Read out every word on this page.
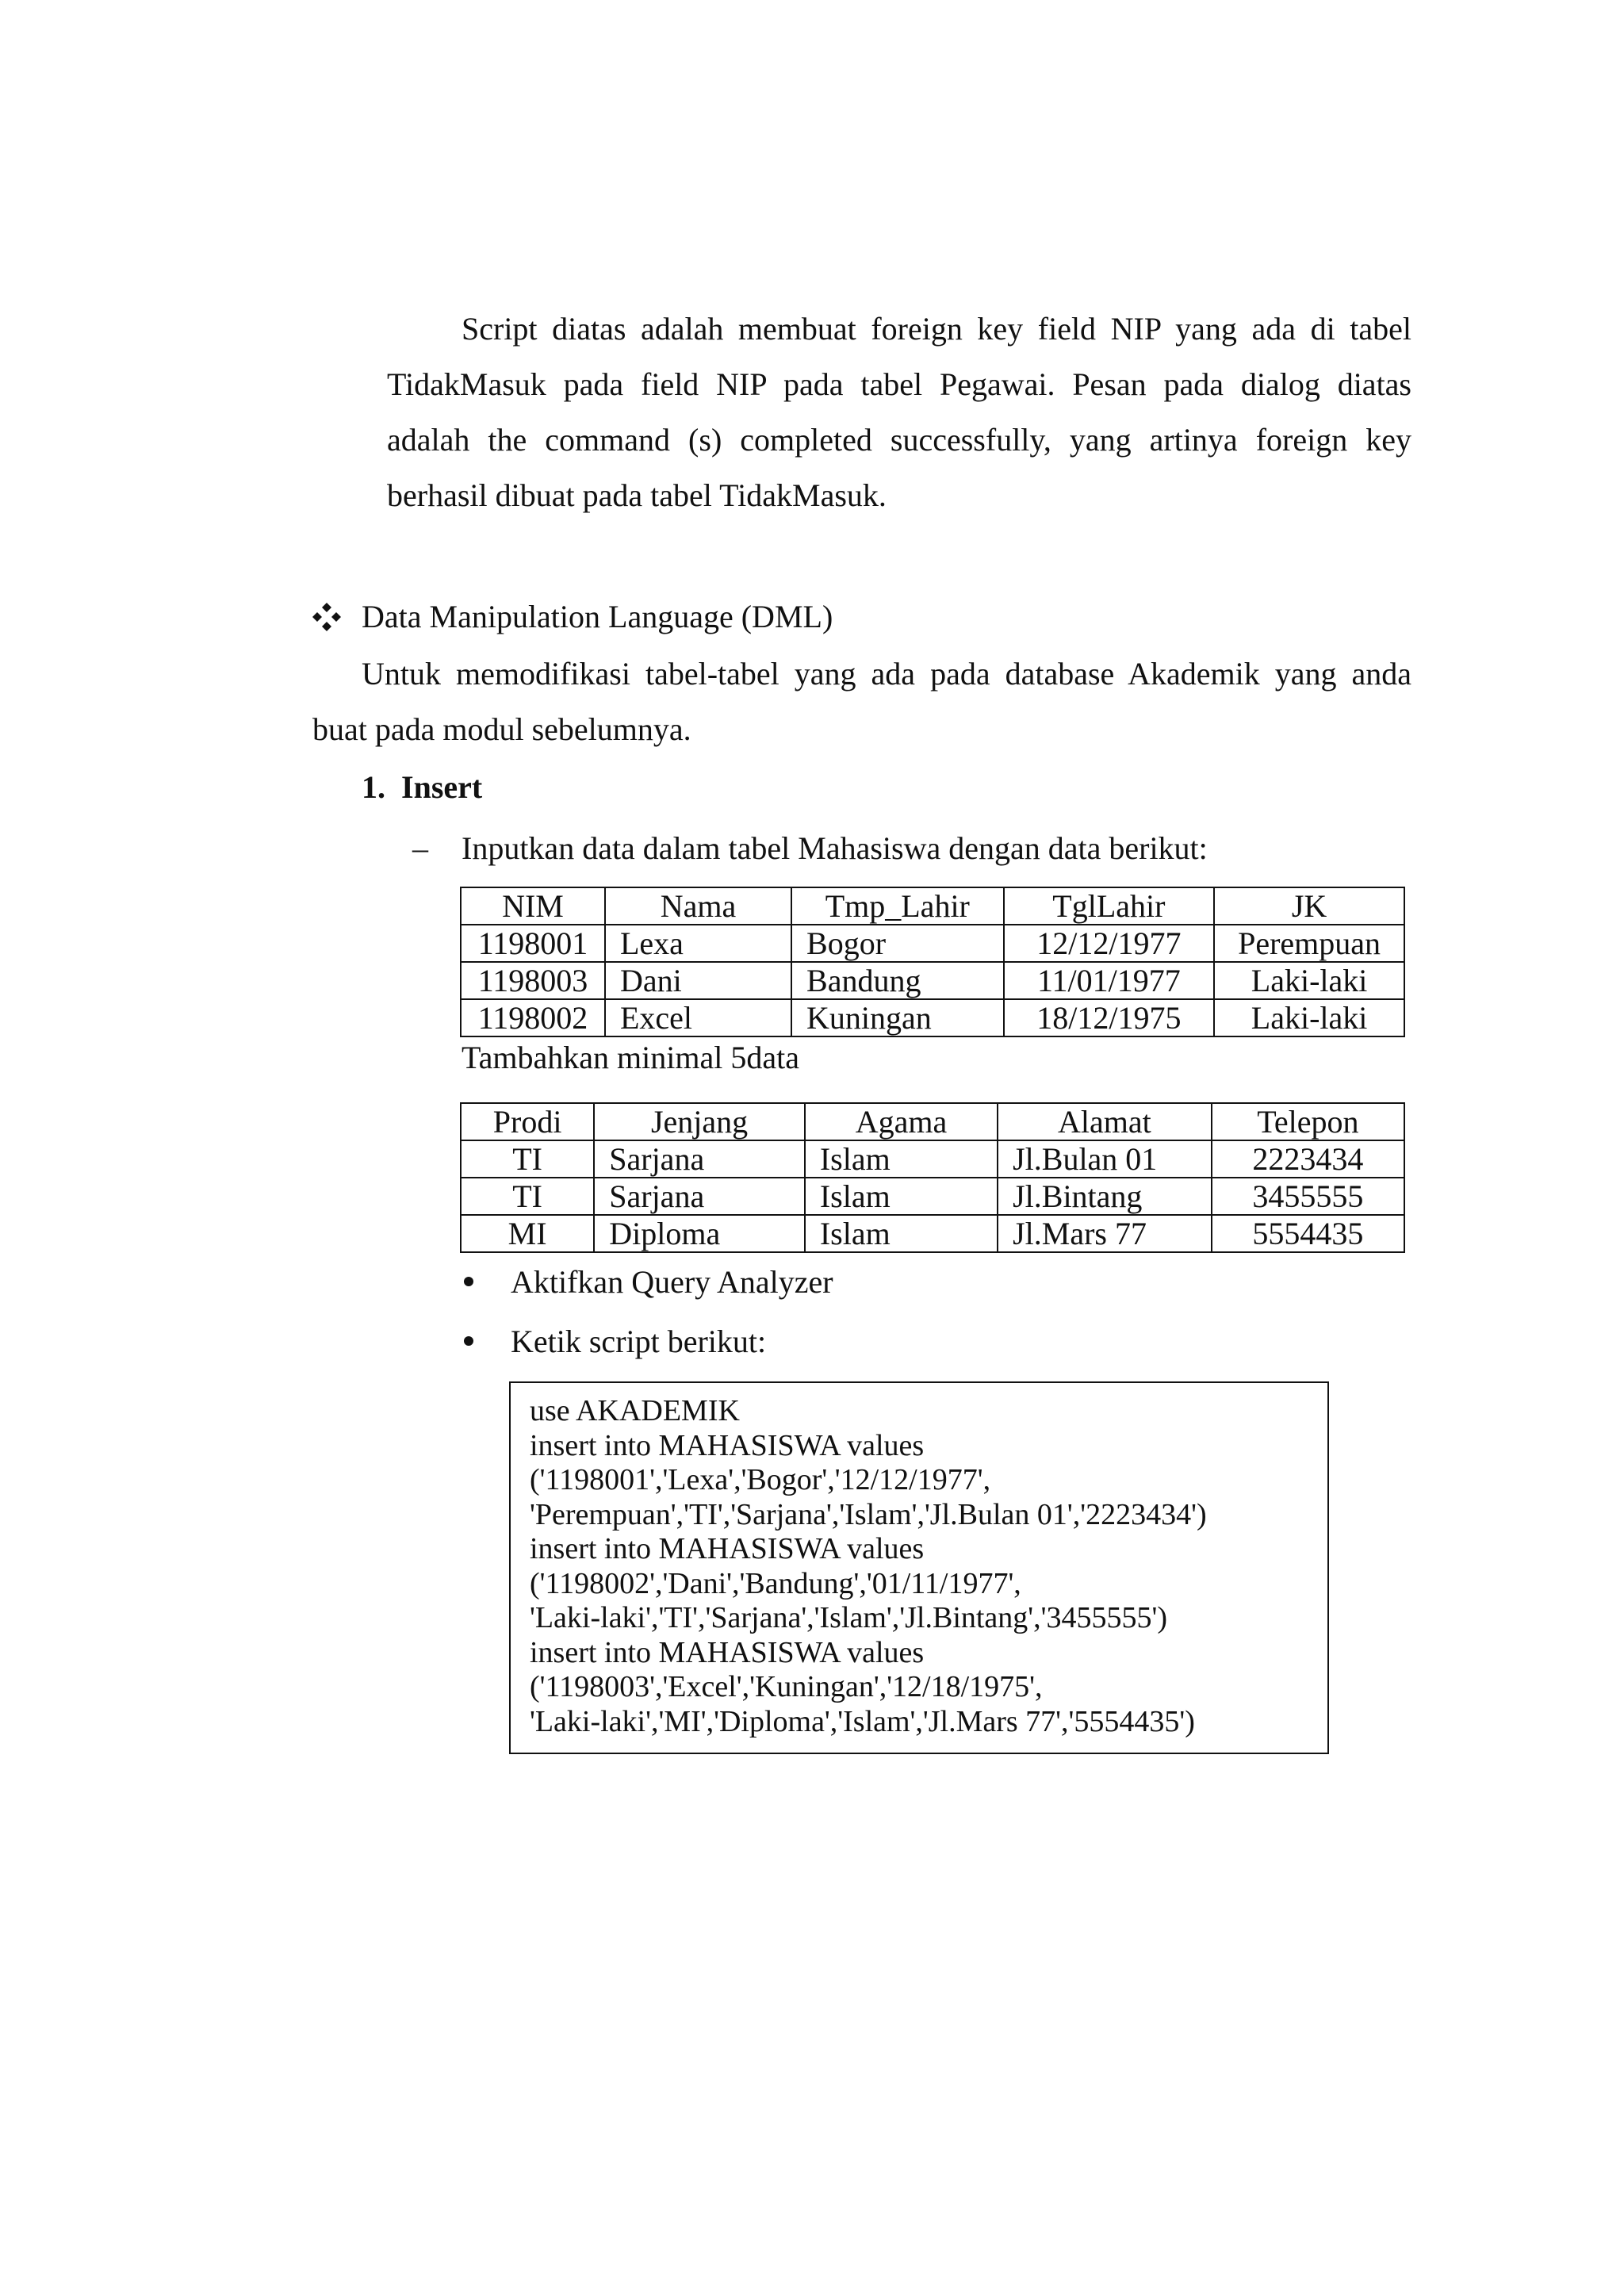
Script diatas adalah membuat foreign key field NIP yang ada di tabel
TidakMasuk pada field NIP pada tabel Pegawai. Pesan pada dialog diatas
adalah the command (s) completed successfully, yang artinya foreign key
berhasil dibuat pada tabel TidakMasuk.
Data Manipulation Language (DML)
Untuk memodifikasi tabel-tabel yang ada pada database Akademik yang anda
buat pada modul sebelumnya.
1.  Insert
– Inputkan data dalam tabel Mahasiswa dengan data berikut:
NIM	Nama	Tmp_Lahir	TglLahir	JK
1198001	Lexa	Bogor	12/12/1977	Perempuan
1198003	Dani	Bandung	11/01/1977	Laki-laki
1198002	Excel	Kuningan	18/12/1975	Laki-laki
Tambahkan minimal 5data
Prodi	Jenjang	Agama	Alamat	Telepon
TI	Sarjana	Islam	Jl.Bulan 01	2223434
TI	Sarjana	Islam	Jl.Bintang	3455555
MI	Diploma	Islam	Jl.Mars 77	5554435
Aktifkan Query Analyzer
Ketik script berikut:
use AKADEMIK
insert into MAHASISWA values
('1198001','Lexa','Bogor','12/12/1977',
'Perempuan','TI','Sarjana','Islam','Jl.Bulan 01','2223434')
insert into MAHASISWA values
('1198002','Dani','Bandung','01/11/1977',
'Laki-laki','TI','Sarjana','Islam','Jl.Bintang','3455555')
insert into MAHASISWA values
('1198003','Excel','Kuningan','12/18/1975',
'Laki-laki','MI','Diploma','Islam','Jl.Mars 77','5554435')
